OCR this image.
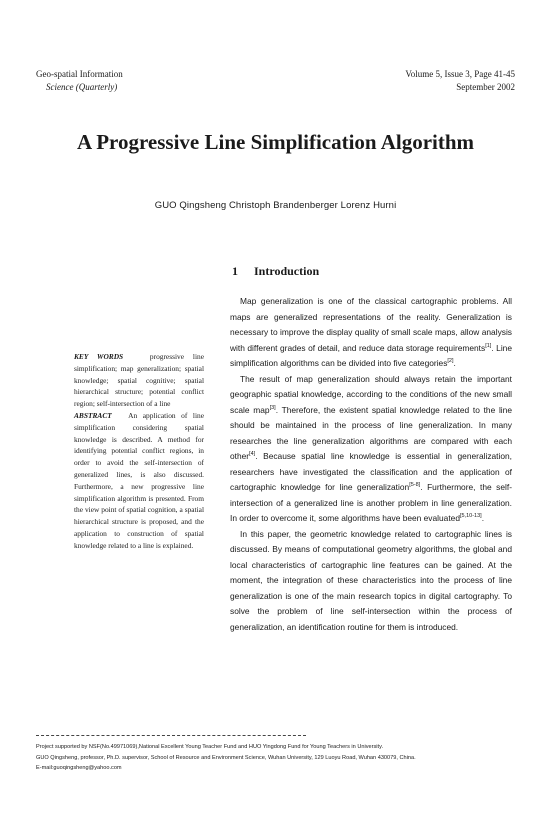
Geo-spatial Information
Science (Quarterly)
Volume 5, Issue 3, Page 41-45
September 2002
A Progressive Line Simplification Algorithm
GUO Qingsheng Christoph Brandenberger Lorenz Hurni
1 Introduction

KEY WORDS	progressive line simplification; map generalization; spatial knowledge; spatial cognitive; spatial hierarchical structure; potential conflict region; self-intersection of a line

ABSTRACT An application of line simplification considering spatial knowledge is described. A method for identifying potential conflict regions, in order to avoid the self-intersection of generalized lines, is also discussed. Furthermore, a new progressive line simplification algorithm is presented. From the view point of spatial cognition, a spatial hierarchical structure is proposed, and the application to construction of spatial knowledge related to a line is explained.

Map generalization is one of the classical cartographic problems. All maps are generalized representations of the reality. Generalization is necessary to improve the display quality of small scale maps, allow analysis with different grades of detail, and reduce data storage requirements[1]. Line simplification algorithms can be divided into five categories[2].

The result of map generalization should always retain the important geographic spatial knowledge, according to the conditions of the new small scale map[3]. Therefore, the existent spatial knowledge related to the line should be maintained in the process of line generalization. In many researches the line generalization algorithms are compared with each other[4]. Because spatial line knowledge is essential in generalization, researchers have investigated the classification and the application of cartographic knowledge for line generalization[5-8]. Furthermore, the self-intersection of a generalized line is another problem in line generalization. In order to overcome it, some algorithms have been evaluated[5,10-13].

In this paper, the geometric knowledge related to cartographic lines is discussed. By means of computational geometry algorithms, the global and local characteristics of cartographic line features can be gained. At the moment, the integration of these characteristics into the process of line generalization is one of the main research topics in digital cartography. To solve the problem of line self-intersection within the process of generalization, an identification routine for them is introduced.

Project supported by NSF(No.49971069),National Excellent Young Teacher Fund and HUO Yingdong Fund for Young Teachers in University.

GUO Qingsheng, professor, Ph.D. supervisor, School of Resource and Environment Science, Wuhan University, 129 Luoyu Road, Wuhan 430079, China.

E-mail:guoqingsheng@yahoo.com
